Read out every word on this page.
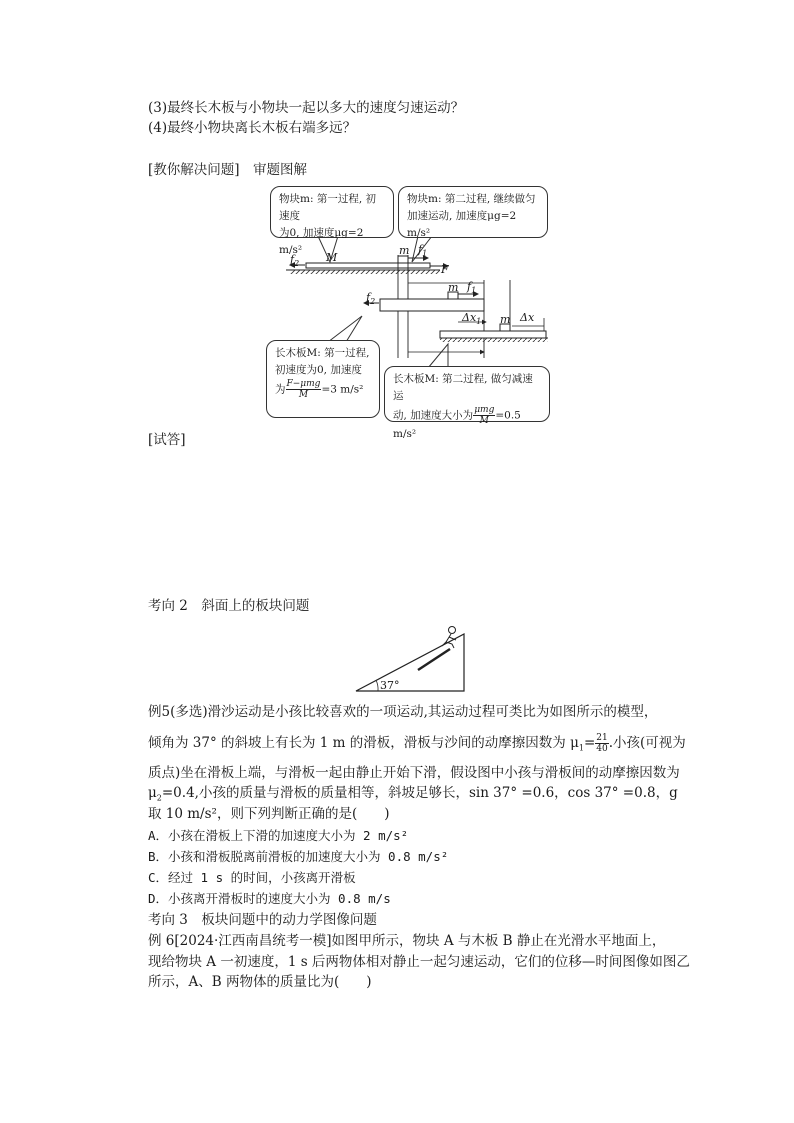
(3)最终长木板与小物块一起以多大的速度匀速运动？
(4)最终小物块离长木板右端多远？
[教你解决问题]　审题图解
$f_2$ M
m $f_1$
F
$f_2$
m $f_1$
$\Delta x_1$ m Δx
物块m: 第一过程, 初速度
为0, 加速度μg=2 m/s²
物块m: 第二过程, 继续做匀
加速运动, 加速度μg=2 m/s²
长木板M: 第一过程,
初速度为0, 加速度
为 $\frac{\text{F−μmg}}{M} =3$ m/s²
长木板M: 第二过程, 做匀减速运
动, 加速度大小为 $\frac{\text{μmg}}{M} =0.5$ m/s²
[试答]
考向 2　斜面上的板块问题
37°
例5(多选)滑沙运动是小孩比较喜欢的一项运动,其运动过程可类比为如图所示的模型，
倾角为 37° 的斜坡上有长为 1 m 的滑板，滑板与沙间的动摩擦因数为 $\mu_1= \frac{21}{40}$ .小孩(可视为
质点)坐在滑板上端，与滑板一起由静止开始下滑，假设图中小孩与滑板间的动摩擦因数为
$\mu_2=0.4$,小孩的质量与滑板的质量相等，斜坡足够长，sin 37° =0.6，cos 37° =0.8，g
取 10 m/s²，则下列判断正确的是(　　)
A．小孩在滑板上下滑的加速度大小为 2 m/s²
B．小孩和滑板脱离前滑板的加速度大小为 0.8 m/s²
C．经过 1 s 的时间，小孩离开滑板
D．小孩离开滑板时的速度大小为 0.8 m/s
考向 3　板块问题中的动力学图像问题
例 6[2024·江西南昌统考一模]如图甲所示，物块 A 与木板 B 静止在光滑水平地面上，
现给物块 A 一初速度，1 s 后两物体相对静止一起匀速运动，它们的位移—时间图像如图乙
所示，A、B 两物体的质量比为(　　)
